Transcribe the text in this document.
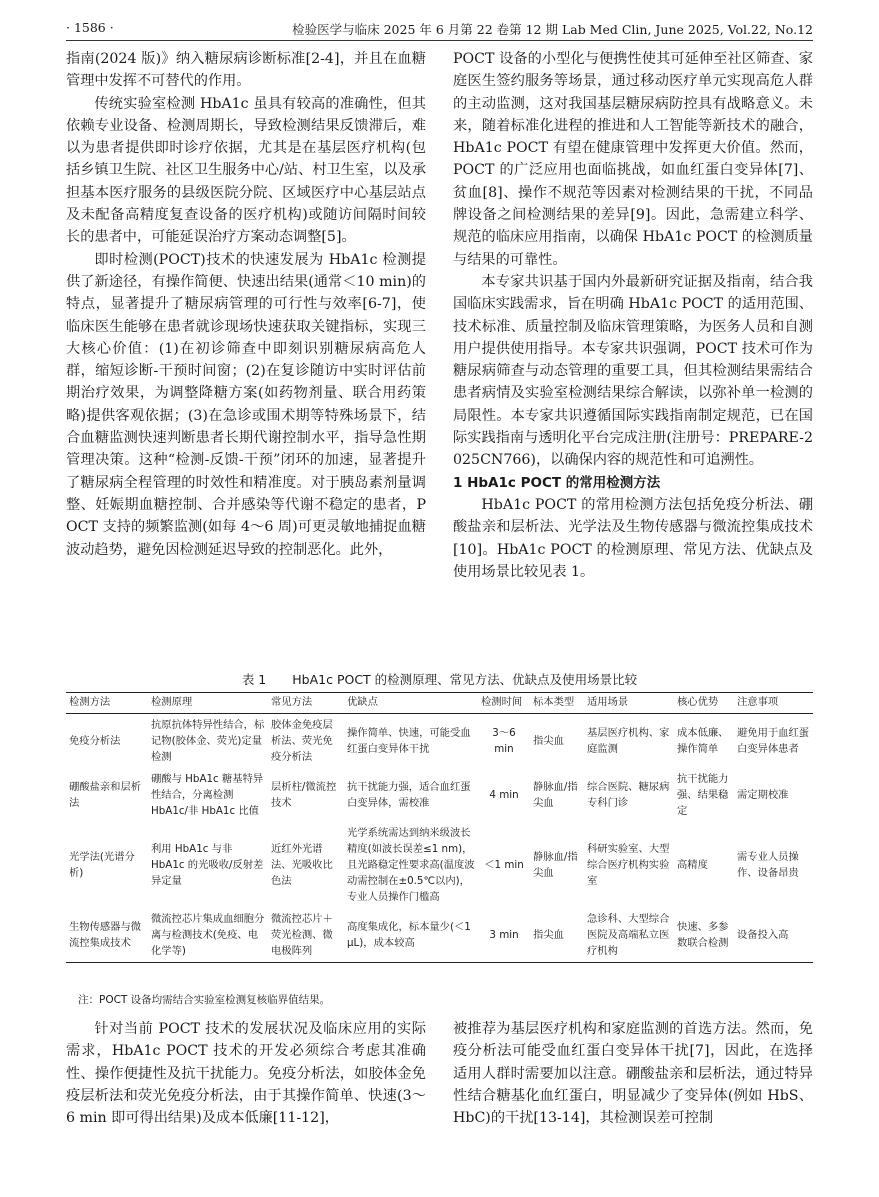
· 1586 ·	检验医学与临床 2025 年 6 月第 22 卷第 12 期 Lab Med Clin, June 2025, Vol.22, No.12

指南(2024 版)》纳入糖尿病诊断标准[2-4]，并且在血糖管理中发挥不可替代的作用。

传统实验室检测 HbA1c 虽具有较高的准确性，但其依赖专业设备、检测周期长，导致检测结果反馈滞后，难以为患者提供即时诊疗依据，尤其是在基层医疗机构(包括乡镇卫生院、社区卫生服务中心/站、村卫生室，以及承担基本医疗服务的县级医院分院、区域医疗中心基层站点及未配备高精度复查设备的医疗机构)或随访间隔时间较长的患者中，可能延误治疗方案动态调整[5]。

即时检测(POCT)技术的快速发展为 HbA1c 检测提供了新途径，有操作简便、快速出结果(通常＜10 min)的特点，显著提升了糖尿病管理的可行性与效率[6-7]，使临床医生能够在患者就诊现场快速获取关键指标，实现三大核心价值：(1)在初诊筛查中即刻识别糖尿病高危人群，缩短诊断-干预时间窗；(2)在复诊随访中实时评估前期治疗效果，为调整降糖方案(如药物剂量、联合用药策略)提供客观依据；(3)在急诊或围术期等特殊场景下，结合血糖监测快速判断患者长期代谢控制水平，指导急性期管理决策。这种“检测-反馈-干预”闭环的加速，显著提升了糖尿病全程管理的时效性和精准度。对于胰岛素剂量调整、妊娠期血糖控制、合并感染等代谢不稳定的患者，POCT 支持的频繁监测(如每 4～6 周)可更灵敏地捕捉血糖波动趋势，避免因检测延迟导致的控制恶化。此外，

POCT 设备的小型化与便携性使其可延伸至社区筛查、家庭医生签约服务等场景，通过移动医疗单元实现高危人群的主动监测，这对我国基层糖尿病防控具有战略意义。未来，随着标准化进程的推进和人工智能等新技术的融合，HbA1c POCT 有望在健康管理中发挥更大价值。然而，POCT 的广泛应用也面临挑战，如血红蛋白变异体[7]、贫血[8]、操作不规范等因素对检测结果的干扰，不同品牌设备之间检测结果的差异[9]。因此，急需建立科学、规范的临床应用指南，以确保 HbA1c POCT 的检测质量与结果的可靠性。

本专家共识基于国内外最新研究证据及指南，结合我国临床实践需求，旨在明确 HbA1c POCT 的适用范围、技术标准、质量控制及临床管理策略，为医务人员和自测用户提供使用指导。本专家共识强调，POCT 技术可作为糖尿病筛查与动态管理的重要工具，但其检测结果需结合患者病情及实验室检测结果综合解读，以弥补单一检测的局限性。本专家共识遵循国际实践指南制定规范，已在国际实践指南与透明化平台完成注册(注册号：PREPARE-2025CN766)，以确保内容的规范性和可追溯性。

1 HbA1c POCT 的常用检测方法

HbA1c POCT 的常用检测方法包括免疫分析法、硼酸盐亲和层析法、光学法及生物传感器与微流控集成技术[10]。HbA1c POCT 的检测原理、常见方法、优缺点及使用场景比较见表 1。

表 1 HbA1c POCT 的检测原理、常见方法、优缺点及使用场景比较
检测方法	检测原理	常见方法	优缺点	检测时间	标本类型	适用场景	核心优势	注意事项
免疫分析法	抗原抗体特异性结合，标记物(胶体金、荧光)定量检测	胶体金免疫层析法、荧光免疫分析法	操作简单、快速，可能受血红蛋白变异体干扰	3～6 min	指尖血	基层医疗机构、家庭监测	成本低廉、操作简单	避免用于血红蛋白变异体患者
硼酸盐亲和层析法	硼酸与 HbA1c 糖基特异性结合，分离检测 HbA1c/非 HbA1c 比值	层析柱/微流控技术	抗干扰能力强，适合血红蛋白变异体，需校准	4 min	静脉血/指尖血	综合医院、糖尿病专科门诊	抗干扰能力强、结果稳定	需定期校准
光学法(光谱分析)	利用 HbA1c 与非 HbA1c 的光吸收/反射差异定量	近红外光谱法、光吸收比色法	光学系统需达到纳米级波长精度(如波长误差≤1 nm)，且光路稳定性要求高(温度波动需控制在±0.5℃以内)，专业人员操作门槛高	＜1 min	静脉血/指尖血	科研实验室、大型综合医疗机构实验室	高精度	需专业人员操作、设备昂贵
生物传感器与微流控集成技术	微流控芯片集成血细胞分离与检测技术(免疫、电化学等)	微流控芯片＋荧光检测、微电极阵列	高度集成化，标本量少(＜1 μL)，成本较高	3 min	指尖血	急诊科、大型综合医院及高端私立医疗机构	快速、多参数联合检测	设备投入高
注：POCT 设备均需结合实验室检测复核临界值结果。

针对当前 POCT 技术的发展状况及临床应用的实际需求，HbA1c POCT 技术的开发必须综合考虑其准确性、操作便捷性及抗干扰能力。免疫分析法，如胶体金免疫层析法和荧光免疫分析法，由于其操作简单、快速(3～6 min 即可得出结果)及成本低廉[11-12]，

被推荐为基层医疗机构和家庭监测的首选方法。然而，免疫分析法可能受血红蛋白变异体干扰[7]，因此，在选择适用人群时需要加以注意。硼酸盐亲和层析法，通过特异性结合糖基化血红蛋白，明显减少了变异体(例如 HbS、HbC)的干扰[13-14]，其检测误差可控制
